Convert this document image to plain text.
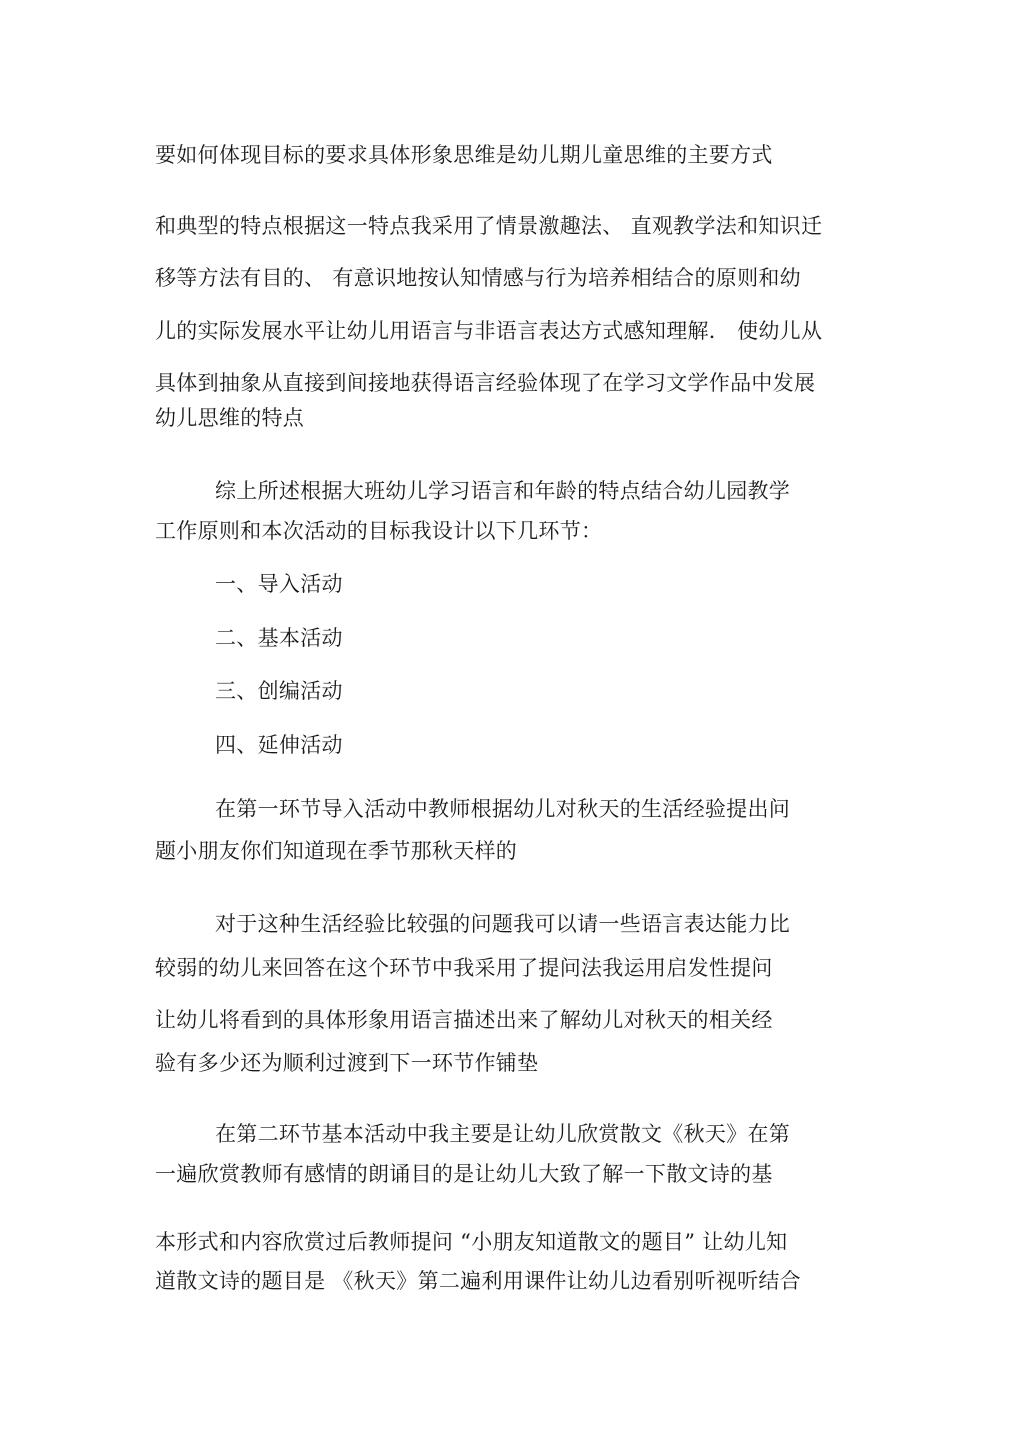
要如何体现目标的要求具体形象思维是幼儿期儿童思维的主要方式
和典型的特点根据这一特点我采用了情景激趣法、 直观教学法和知识迁
移等方法有目的、 有意识地按认知情感与行为培养相结合的原则和幼
儿的实际发展水平让幼儿用语言与非语言表达方式感知理解． 使幼儿从
具体到抽象从直接到间接地获得语言经验体现了在学习文学作品中发展
幼儿思维的特点
综上所述根据大班幼儿学习语言和年龄的特点结合幼儿园教学
工作原则和本次活动的目标我设计以下几环节：
一、导入活动
二、基本活动
三、创编活动
四、延伸活动
在第一环节导入活动中教师根据幼儿对秋天的生活经验提出问
题小朋友你们知道现在季节那秋天样的
对于这种生活经验比较强的问题我可以请一些语言表达能力比
较弱的幼儿来回答在这个环节中我采用了提问法我运用启发性提问
让幼儿将看到的具体形象用语言描述出来了解幼儿对秋天的相关经
验有多少还为顺利过渡到下一环节作铺垫
在第二环节基本活动中我主要是让幼儿欣赏散文《秋天》在第
一遍欣赏教师有感情的朗诵目的是让幼儿大致了解一下散文诗的基
本形式和内容欣赏过后教师提问 “小朋友知道散文的题目” 让幼儿知
道散文诗的题目是 《秋天》第二遍利用课件让幼儿边看别听视听结合
